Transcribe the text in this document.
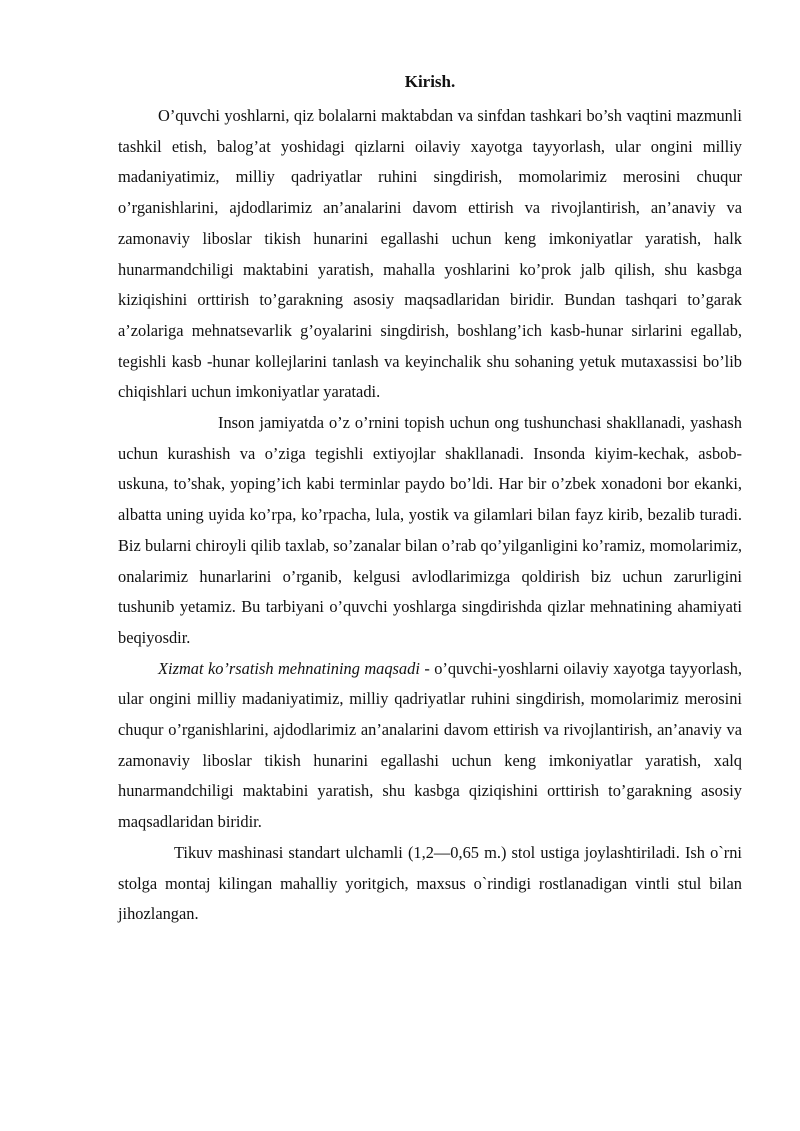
Kirish.

O’quvchi yoshlarni, qiz bolalarni maktabdan va sinfdan tashkari bo’sh vaqtini mazmunli tashkil etish, balog’at yoshidagi qizlarni oilaviy xayotga tayyorlash, ular ongini milliy madaniyatimiz, milliy qadriyatlar ruhini singdirish, momolarimiz merosini chuqur o’rganishlarini, ajdodlarimiz an’analarini davom ettirish va rivojlantirish, an’anaviy va zamonaviy liboslar tikish hunarini egallashi uchun keng imkoniyatlar yaratish, halk hunarmandchiligi maktabini yaratish, mahalla yoshlarini ko’prok jalb qilish, shu kasbga kiziqishini orttirish to’garakning asosiy maqsadlaridan biridir. Bundan tashqari to’garak a’zolariga mehnatsevarlik g’oyalarini singdirish, boshlang’ich kasb-hunar sirlarini egallab, tegishli kasb -hunar kollejlarini tanlash va keyinchalik shu sohaning yetuk mutaxassisi bo’lib chiqishlari uchun imkoniyatlar yaratadi.

Inson jamiyatda o’z o’rnini topish uchun ong tushunchasi shakllanadi, yashash uchun kurashish va o’ziga tegishli extiyojlar shakllanadi. Insonda kiyim-kechak, asbob-uskuna, to’shak, yoping’ich kabi terminlar paydo bo’ldi. Har bir o’zbek xonadoni bor ekanki, albatta uning uyida ko’rpa, ko’rpacha, lula, yostik va gilamlari bilan fayz kirib, bezalib turadi. Biz bularni chiroyli qilib taxlab, so’zanalar bilan o’rab qo’yilganligini ko’ramiz, momolarimiz, onalarimiz hunarlarini o’rganib, kelgusi avlodlarimizga qoldirish biz uchun zarurligini tushunib yetamiz. Bu tarbiyani o’quvchi yoshlarga singdirishda qizlar mehnatining ahamiyati beqiyosdir.

Xizmat ko’rsatish mehnatining maqsadi - o’quvchi-yoshlarni oilaviy xayotga tayyorlash, ular ongini milliy madaniyatimiz, milliy qadriyatlar ruhini singdirish, momolarimiz merosini chuqur o’rganishlarini, ajdodlarimiz an’analarini davom ettirish va rivojlantirish, an’anaviy va zamonaviy liboslar tikish hunarini egallashi uchun keng imkoniyatlar yaratish, xalq hunarmandchiligi maktabini yaratish, shu kasbga qiziqishini orttirish to’garakning asosiy maqsadlaridan biridir.

Tikuv mashinasi standart ulchamli (1,2—0,65 m.) stol ustiga joylashtiriladi. Ish o`rni stolga montaj kilingan mahalliy yoritgich, maxsus o`rindigi rostlanadigan vintli stul bilan jihozlangan.
